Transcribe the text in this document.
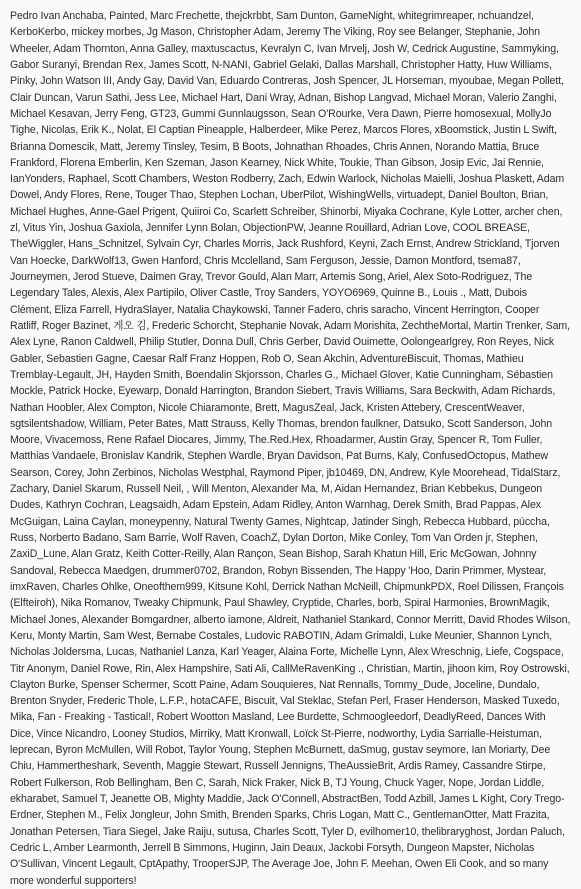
Pedro Ivan Anchaba, Painted, Marc Frechette, thejckrbbt, Sam Dunton, GameNight, whitegrimreaper, nchuandzel, KerboKerbo, mickey morbes, Jg Mason, Christopher Adam, Jeremy The Viking, Roy see Belanger, Stephanie, John Wheeler, Adam Thornton, Anna Galley, maxtuscactus, Kevralyn C, Ivan Mrvelj, Josh W, Cedrick Augustine, Sammyking, Gabor Suranyi, Brendan Rex, James Scott, N-NANI, Gabriel Gelaki, Dallas Marshall, Christopher Hatty, Huw Williams, Pinky, John Watson III, Andy Gay, David Van, Eduardo Contreras, Josh Spencer, JL Horseman, myoubae, Megan Pollett, Clair Duncan, Varun Sathi, Jess Lee, Michael Hart, Dani Wray, Adnan, Bishop Langvad, Michael Moran, Valerio Zanghi, Michael Kesavan, Jerry Feng, GT23, Gummi Gunnlaugsson, Sean O'Rourke, Vera Dawn, Pierre homosexual, MollyJo Tighe, Nicolas, Erik K., Nolat, El Captian Pineapple, Halberdeer, Mike Perez, Marcos Flores, xBoomstick, Justin L Swift, Brianna Domescik, Matt, Jeremy Tinsley, Tesim, B Boots, Johnathan Rhoades, Chris Annen, Norando Mattia, Bruce Frankford, Florena Emberlin, Ken Szeman, Jason Kearney, Nick White, Toukie, Than Gibson, Josip Evic, Jai Rennie, IanYonders, Raphael, Scott Chambers, Weston Rodberry, Zach, Edwin Warlock, Nicholas Maielli, Joshua Plaskett, Adam Dowel, Andy Flores, Rene, Touger Thao, Stephen Lochan, UberPilot, WishingWells, virtuadept, Daniel Boulton, Brian, Michael Hughes, Anne-Gael Prigent, Quiiroi Co, Scarlett Schreiber, Shinorbi, Miyaka Cochrane, Kyle Lotter, archer chen, zl, Vitus Yin, Joshua Gaxiola, Jennifer Lynn Bolan, ObjectionPW, Jeanne Rouillard, Adrian Love, COOL BREASE, TheWiggler, Hans_Schnitzel, Sylvain Cyr, Charles Morris, Jack Rushford, Keyni, Zach Ernst, Andrew Strickland, Tjorven Van Hoecke, DarkWolf13, Gwen Hanford, Chris Mcclelland, Sam Ferguson, Jessie, Damon Montford, tsema87, Journeymen, Jerod Stueve, Daimen Gray, Trevor Gould, Alan Marr, Artemis Song, Ariel, Alex Soto-Rodriguez, The Legendary Tales, Alexis, Alex Partipilo, Oliver Castle, Troy Sanders, YOYO6969, Quinne B., Louis ., Matt, Dubois Clément, Eliza Farrell, HydraSlayer, Natalia Chaykowski, Tanner Fadero, chris saracho, Vincent Herrington, Cooper Ratliff, Roger Bazinet, 게오 김, Frederic Schorcht, Stephanie Novak, Adam Morishita, ZechtheMortal, Martin Trenker, Sam, Alex Lyne, Ranon Caldwell, Philip Stutler, Donna Dull, Chris Gerber, David Ouimette, Oolongearlgrey, Ron Reyes, Nick Gabler, Sebastien Gagne, Caesar Ralf Franz Hoppen, Rob O, Sean Akchin, AdventureBiscuit, Thomas, Mathieu Tremblay-Legault, JH, Hayden Smith, Boendalin Skjorsson, Charles G., Michael Glover, Katie Cunningham, Sébastien Mockle, Patrick Hocke, Eyewarp, Donald Harrington, Brandon Siebert, Travis Williams, Sara Beckwith, Adam Richards, Nathan Hoobler, Alex Compton, Nicole Chiaramonte, Brett, MagusZeal, Jack, Kristen Attebery, CrescentWeaver, sgtsilentshadow, William, Peter Bates, Matt Strauss, Kelly Thomas, brendon faulkner, Datsuko, Scott Sanderson, John Moore, Vivacemoss, Rene Rafael Diocares, Jimmy, The.Red.Hex, Rhoadarmer, Austin Gray, Spencer R, Tom Fuller, Matthias Vandaele, Bronislav Kandrik, Stephen Wardle, Bryan Davidson, Pat Burns, Kaly, ConfusedOctopus, Mathew Searson, Corey, John Zerbinos, Nicholas Westphal, Raymond Piper, jb10469, DN, Andrew, Kyle Moorehead, TidalStarz, Zachary, Daniel Skarum, Russell Neil, , Will Menton, Alexander Ma, M, Aidan Hernandez, Brian Kebbekus, Dungeon Dudes, Kathryn Cochran, Leagsaidh, Adam Epstein, Adam Ridley, Anton Warnhag, Derek Smith, Brad Pappas, Alex McGuigan, Laina Caylan, moneypenny, Natural Twenty Games, Nightcap, Jatinder Singh, Rebecca Hubbard, púccha, Russ, Norberto Badano, Sam Barrie, Wolf Raven, CoachZ, Dylan Dorton, Mike Conley, Tom Van Orden jr, Stephen, ZaxiD_Lune, Alan Gratz, Keith Cotter-Reilly, Alan Rançon, Sean Bishop, Sarah Khatun Hill, Eric McGowan, Johnny Sandoval, Rebecca Maedgen, drummer0702, Brandon, Robyn Bissenden, The Happy 'Hoo, Darin Primmer, Mystear, imxRaven, Charles Ohlke, Oneofthem999, Kitsune Kohl, Derrick Nathan McNeill, ChipmunkPDX, Roel Dilissen, François (Elfteiroh), Nika Romanov, Tweaky Chipmunk, Paul Shawley, Cryptide, Charles, borb, Spiral Harmonies, BrownMagik, Michael Jones, Alexander Bomgardner, alberto iamone, Aldreit, Nathaniel Stankard, Connor Merritt, David Rhodes Wilson, Keru, Monty Martin, Sam West, Bernabe Costales, Ludovic RABOTIN, Adam Grimaldi, Luke Meunier, Shannon Lynch, Nicholas Joldersma, Lucas, Nathaniel Lanza, Karl Yeager, Alaina Forte, Michelle Lynn, Alex Wreschnig, Liefe, Cogspace, Titr Anonym, Daniel Rowe, Rin, Alex Hampshire, Sati Ali, CallMeRavenKing ., Christian, Martin, jihoon kim, Roy Ostrowski, Clayton Burke, Spenser Schermer, Scott Paine, Adam Souquieres, Nat Rennalls, Tommy_Dude, Joceline, Dundalo, Brenton Snyder, Frederic Thole, L.F.P., hotaCAFE, Biscuit, Val Steklac, Stefan Perl, Fraser Henderson, Masked Tuxedo, Mika, Fan - Freaking - Tastical!, Robert Wootton Masland, Lee Burdette, Schmoogleedorf, DeadlyReed, Dances With Dice, Vince Nicandro, Looney Studios, Mirriky, Matt Kronwall, Loïck St-Pierre, nodworthy, Lydia Sarrialle-Heistuman, leprecan, Byron McMullen, Will Robot, Taylor Young, Stephen McBurnett, daSmug, gustav seymore, Ian Moriarty, Dee Chiu, Hammertheshark, Seventh, Maggie Stewart, Russell Jennigns, TheAussieBrit, Ardis Ramey, Cassandre Stirpe, Robert Fulkerson, Rob Bellingham, Ben C, Sarah, Nick Fraker, Nick B, TJ Young, Chuck Yager, Nope, Jordan Liddle, ekharabet, Samuel T, Jeanette OB, Mighty Maddie, Jack O'Connell, AbstractBen, Todd Azbill, James L Kight, Cory Trego-Erdner, Stephen M., Felix Jongleur, John Smith, Brenden Sparks, Chris Logan, Matt C., GentlemanOtter, Matt Frazita, Jonathan Petersen, Tiara Siegel, Jake Raiju, sutusa, Charles Scott, Tyler D, evilhomer10, thelibraryghost, Jordan Paluch, Cedric L, Amber Learmonth, Jerrell B Simmons, Huginn, Jain Deaux, Jackobi Forsyth, Dungeon Mapster, Nicholas O'Sullivan, Vincent Legault, CptApathy, TrooperSJP, The Average Joe, John F. Meehan, Owen Eli Cook, and so many more wonderful supporters!
